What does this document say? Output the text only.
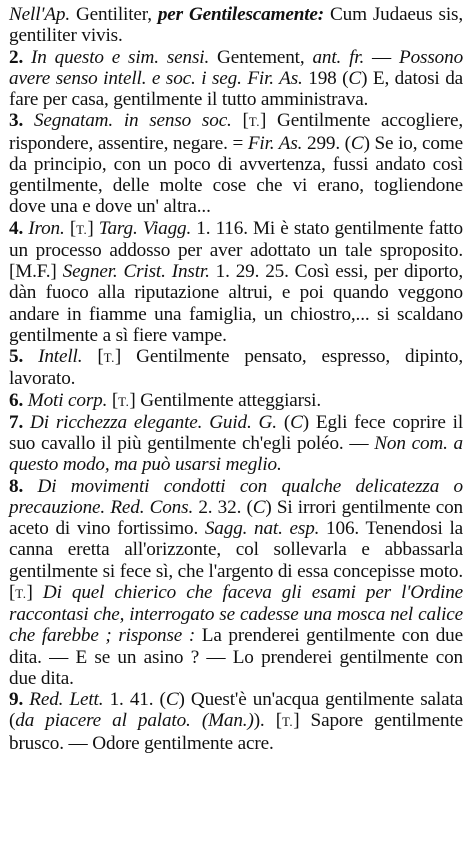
Nell'Ap. Gentiliter, per Gentilescamente: Cum Judaeus sis, gentiliter vivis.
2. In questo e sim. sensi. Gentement, ant. fr. — Possono avere senso intell. e soc. i seg. Fir. As. 198 (C) E, datosi da fare per casa, gentilmente il tutto amministrava.
3. Segnatam. in senso soc. [T.] Gentilmente accogliere, rispondere, assentire, negare. = Fir. As. 299. (C) Se io, come da principio, con un poco di avvertenza, fussi andato così gentilmente, delle molte cose che vi erano, togliendone dove una e dove un' altra...
4. Iron. [T.] Targ. Viagg. 1. 116. Mi è stato gentilmente fatto un processo addosso per aver adottato un tale sproposito. [M.F.] Segner. Crist. Instr. 1. 29. 25. Così essi, per diporto, dàn fuoco alla riputazione altrui, e poi quando veggono andare in fiamme una famiglia, un chiostro,... si scaldano gentilmente a sì fiere vampe.
5. Intell. [T.] Gentilmente pensato, espresso, dipinto, lavorato.
6. Moti corp. [T.] Gentilmente atteggiarsi.
7. Di ricchezza elegante. Guid. G. (C) Egli fece coprire il suo cavallo il più gentilmente ch'egli poléo. — Non com. a questo modo, ma può usarsi meglio.
8. Di movimenti condotti con qualche delicatezza o precauzione. Red. Cons. 2. 32. (C) Si irrori gentilmente con aceto di vino fortissimo. Sagg. nat. esp. 106. Tenendosi la canna eretta all'orizzonte, col sollevarla e abbassarla gentilmente si fece sì, che l'argento di essa concepisse moto. [T.] Di quel chierico che faceva gli esami per l'Ordine raccontasi che, interrogato se cadesse una mosca nel calice che farebbe ; risponse : La prenderei gentilmente con due dita. — E se un asino ? — Lo prenderei gentilmente con due dita.
9. Red. Lett. 1. 41. (C) Quest'è un'acqua gentilmente salata (da piacere al palato. (Man.)). [T.] Sapore gentilmente brusco. — Odore gentilmente acre.
